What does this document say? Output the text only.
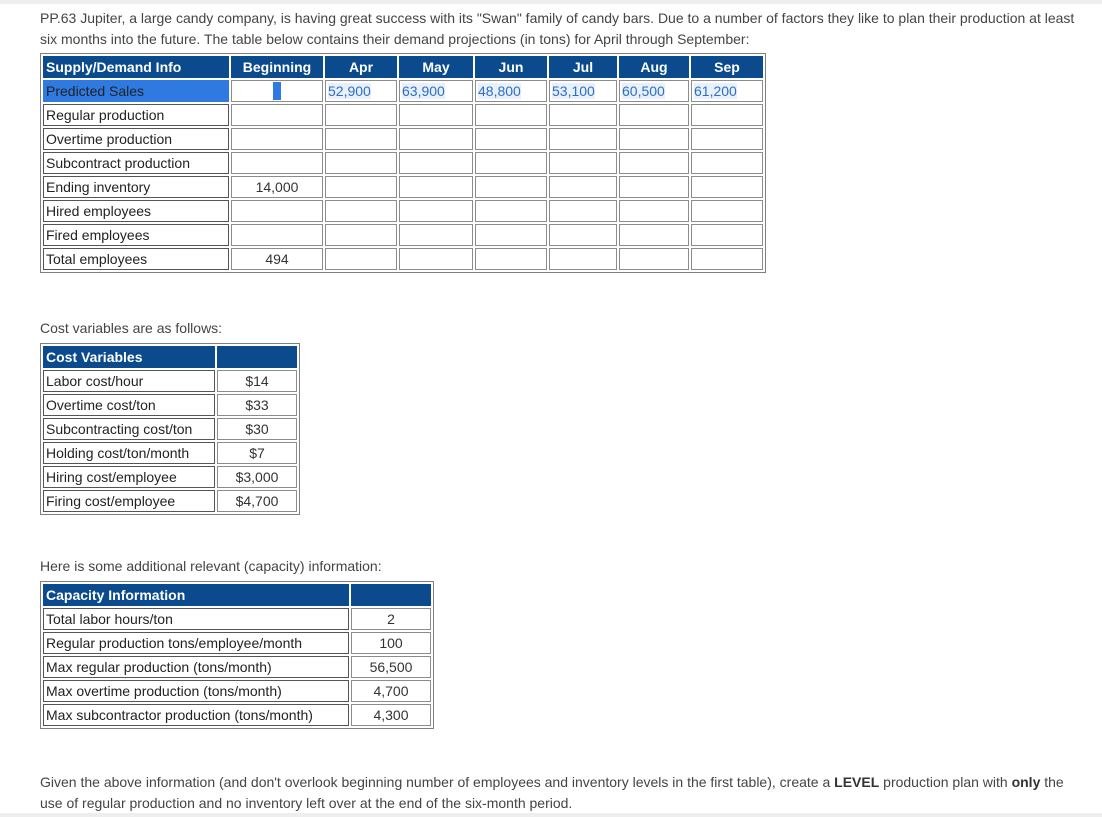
PP.63 Jupiter, a large candy company, is having great success with its "Swan" family of candy bars. Due to a number of factors they like to plan their production at least six months into the future. The table below contains their demand projections (in tons) for April through September:
Supply/Demand Info	Beginning	Apr	May	Jun	Jul	Aug	Sep
Predicted Sales		52,900	63,900	48,800	53,100	60,500	61,200
Regular production							
Overtime production							
Subcontract production							
Ending inventory	14,000						
Hired employees							
Fired employees							
Total employees	494						
Cost variables are as follows:
Cost Variables	
Labor cost/hour	$14
Overtime cost/ton	$33
Subcontracting cost/ton	$30
Holding cost/ton/month	$7
Hiring cost/employee	$3,000
Firing cost/employee	$4,700
Here is some additional relevant (capacity) information:
Capacity Information	
Total labor hours/ton	2
Regular production tons/employee/month	100
Max regular production (tons/month)	56,500
Max overtime production (tons/month)	4,700
Max subcontractor production (tons/month)	4,300
Given the above information (and don't overlook beginning number of employees and inventory levels in the first table), create a LEVEL production plan with only the use of regular production and no inventory left over at the end of the six-month period.
